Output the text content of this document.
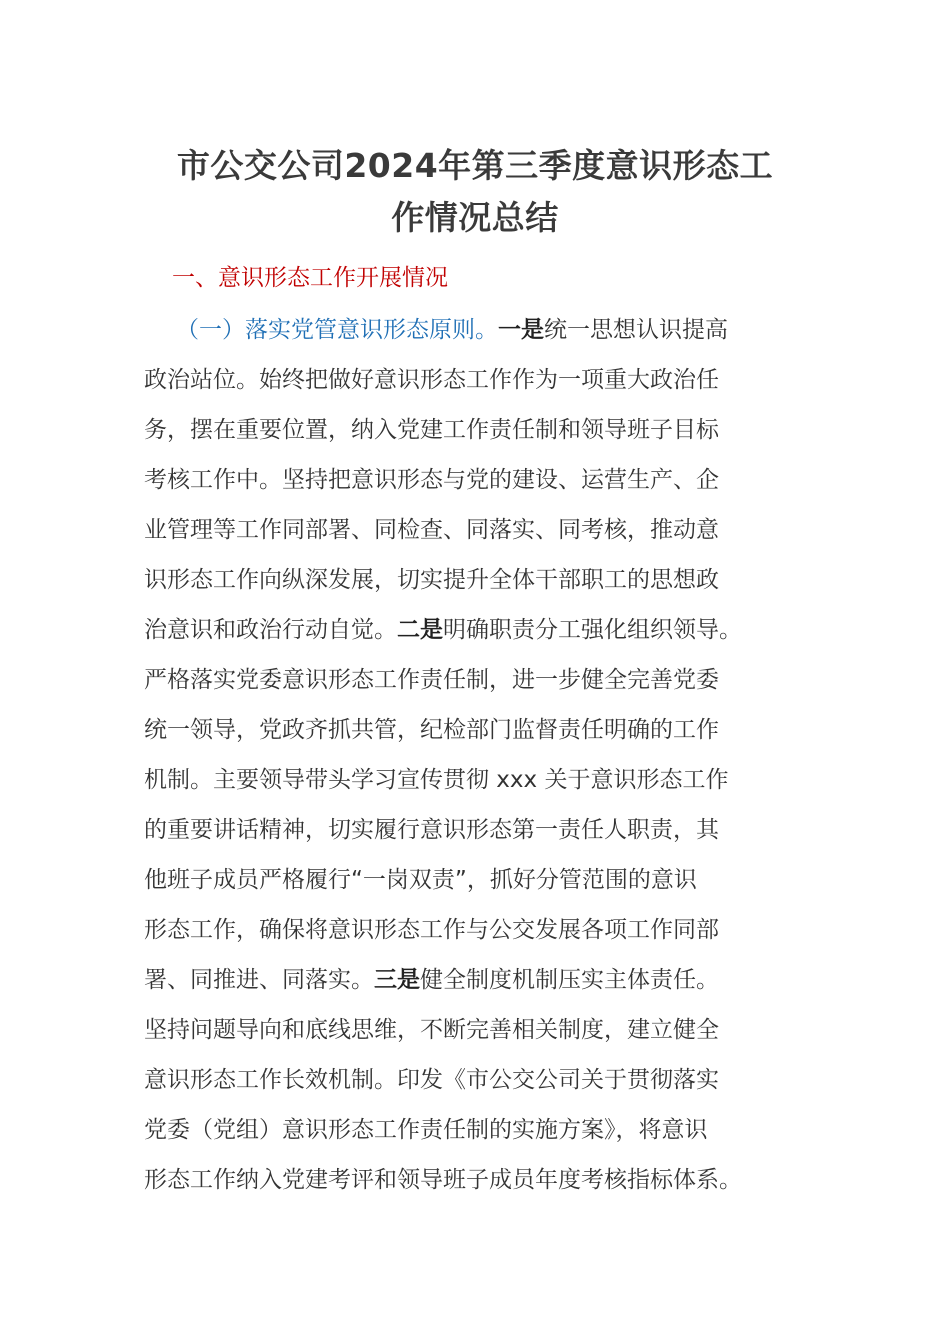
市公交公司2024年第三季度意识形态工
作情况总结
一、意识形态工作开展情况
（一）落实党管意识形态原则。一是统一思想认识提高
政治站位。始终把做好意识形态工作作为一项重大政治任
务，摆在重要位置，纳入党建工作责任制和领导班子目标
考核工作中。坚持把意识形态与党的建设、运营生产、企
业管理等工作同部署、同检查、同落实、同考核，推动意
识形态工作向纵深发展，切实提升全体干部职工的思想政
治意识和政治行动自觉。二是明确职责分工强化组织领导。
严格落实党委意识形态工作责任制，进一步健全完善党委
统一领导，党政齐抓共管，纪检部门监督责任明确的工作
机制。主要领导带头学习宣传贯彻 xxx 关于意识形态工作
的重要讲话精神，切实履行意识形态第一责任人职责，其
他班子成员严格履行“一岗双责”，抓好分管范围的意识
形态工作，确保将意识形态工作与公交发展各项工作同部
署、同推进、同落实。三是健全制度机制压实主体责任。
坚持问题导向和底线思维，不断完善相关制度，建立健全
意识形态工作长效机制。印发《市公交公司关于贯彻落实
党委（党组）意识形态工作责任制的实施方案》，将意识
形态工作纳入党建考评和领导班子成员年度考核指标体系。
